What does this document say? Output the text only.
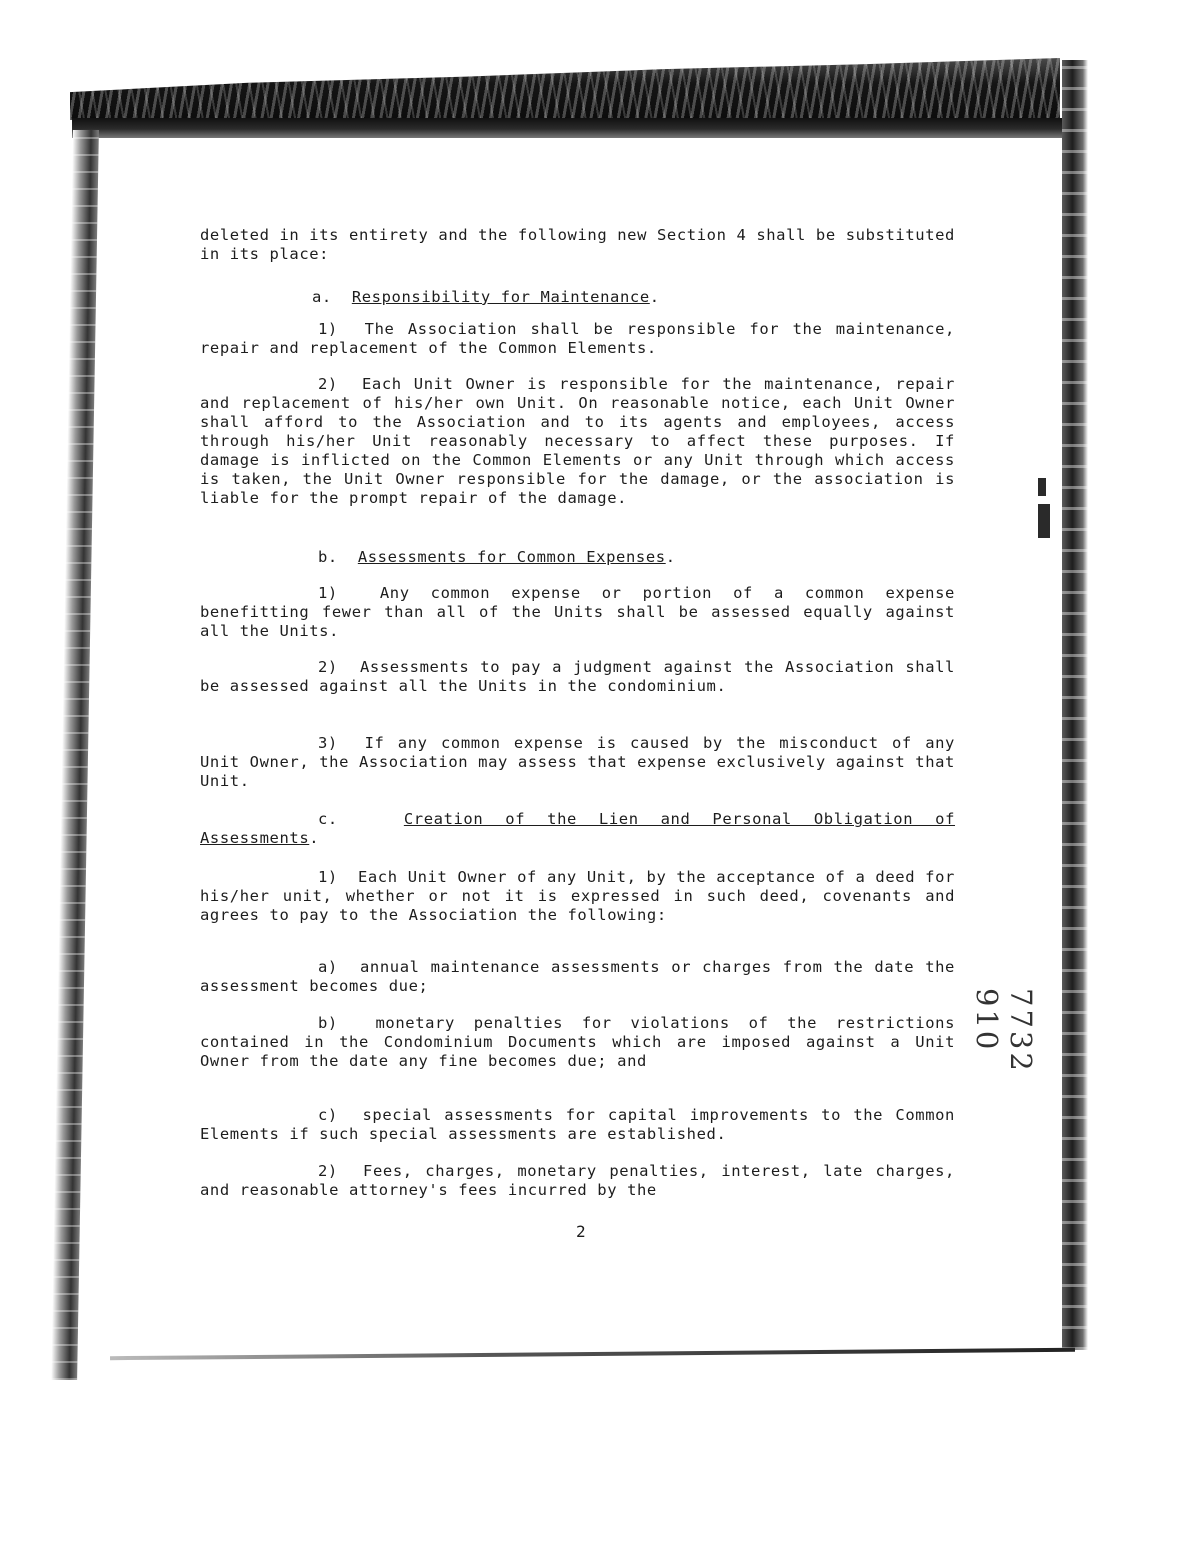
deleted in its entirety and the following new Section 4 shall be substituted in its place:
a. Responsibility for Maintenance.
1) The Association shall be responsible for the maintenance, repair and replacement of the Common Elements.
2) Each Unit Owner is responsible for the maintenance, repair and replacement of his/her own Unit. On reasonable notice, each Unit Owner shall afford to the Association and to its agents and employees, access through his/her Unit reasonably necessary to affect these purposes. If damage is inflicted on the Common Elements or any Unit through which access is taken, the Unit Owner responsible for the damage, or the association is liable for the prompt repair of the damage.
b. Assessments for Common Expenses.
1)	Any common expense or portion of a common expense benefitting fewer than all of the Units shall be assessed equally against all the Units.
2) Assessments to pay a judgment against the Association shall be assessed against all the Units in the condominium.
3) If any common expense is caused by the misconduct of any Unit Owner, the Association may assess that expense exclusively against that Unit.
c.	Creation of the Lien and Personal Obligation of Assessments.
1) Each Unit Owner of any Unit, by the acceptance of a deed for his/her unit, whether or not it is expressed in such deed, covenants and agrees to pay to the Association the following:
a) annual maintenance assessments or charges from the date the assessment becomes due;
b) monetary penalties for violations of the restrictions contained in the Condominium Documents which are imposed against a Unit Owner from the date any fine becomes due; and
c) special assessments for capital improvements to the Common Elements if such special assessments are established.
2) Fees, charges, monetary penalties, interest, late charges, and reasonable attorney's fees incurred by the
7732
910
2
